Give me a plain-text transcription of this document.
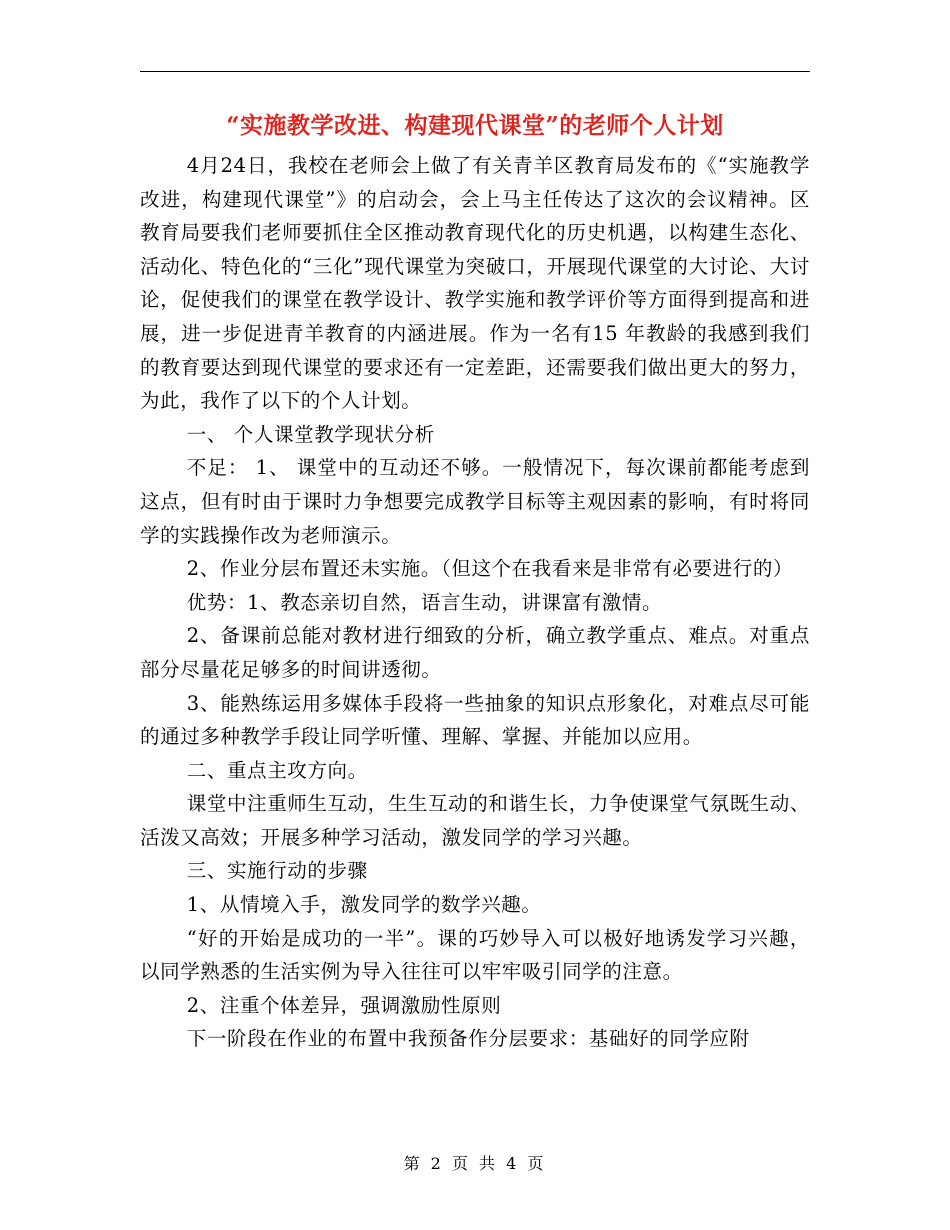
“实施教学改进、构建现代课堂”的老师个人计划

4月24日，我校在老师会上做了有关青羊区教育局发布的《“实施教学改进，构建现代课堂”》的启动会，会上马主任传达了这次的会议精神。区教育局要我们老师要抓住全区推动教育现代化的历史机遇，以构建生态化、活动化、特色化的“三化”现代课堂为突破口，开展现代课堂的大讨论、大讨论，促使我们的课堂在教学设计、教学实施和教学评价等方面得到提高和进展，进一步促进青羊教育的内涵进展。作为一名有15 年教龄的我感到我们的教育要达到现代课堂的要求还有一定差距，还需要我们做出更大的努力，为此，我作了以下的个人计划。

一、 个人课堂教学现状分析

不足： 1、 课堂中的互动还不够。一般情况下，每次课前都能考虑到这点，但有时由于课时力争想要完成教学目标等主观因素的影响，有时将同学的实践操作改为老师演示。

2、作业分层布置还未实施。（但这个在我看来是非常有必要进行的）

优势：1、教态亲切自然，语言生动，讲课富有激情。

2、备课前总能对教材进行细致的分析，确立教学重点、难点。对重点部分尽量花足够多的时间讲透彻。

3、能熟练运用多媒体手段将一些抽象的知识点形象化，对难点尽可能的通过多种教学手段让同学听懂、理解、掌握、并能加以应用。

二、重点主攻方向。

课堂中注重师生互动，生生互动的和谐生长，力争使课堂气氛既生动、活泼又高效；开展多种学习活动，激发同学的学习兴趣。

三、实施行动的步骤

1、从情境入手，激发同学的数学兴趣。

“好的开始是成功的一半”。课的巧妙导入可以极好地诱发学习兴趣，以同学熟悉的生活实例为导入往往可以牢牢吸引同学的注意。

2、注重个体差异，强调激励性原则

下一阶段在作业的布置中我预备作分层要求：基础好的同学应附

第 2 页 共 4 页
